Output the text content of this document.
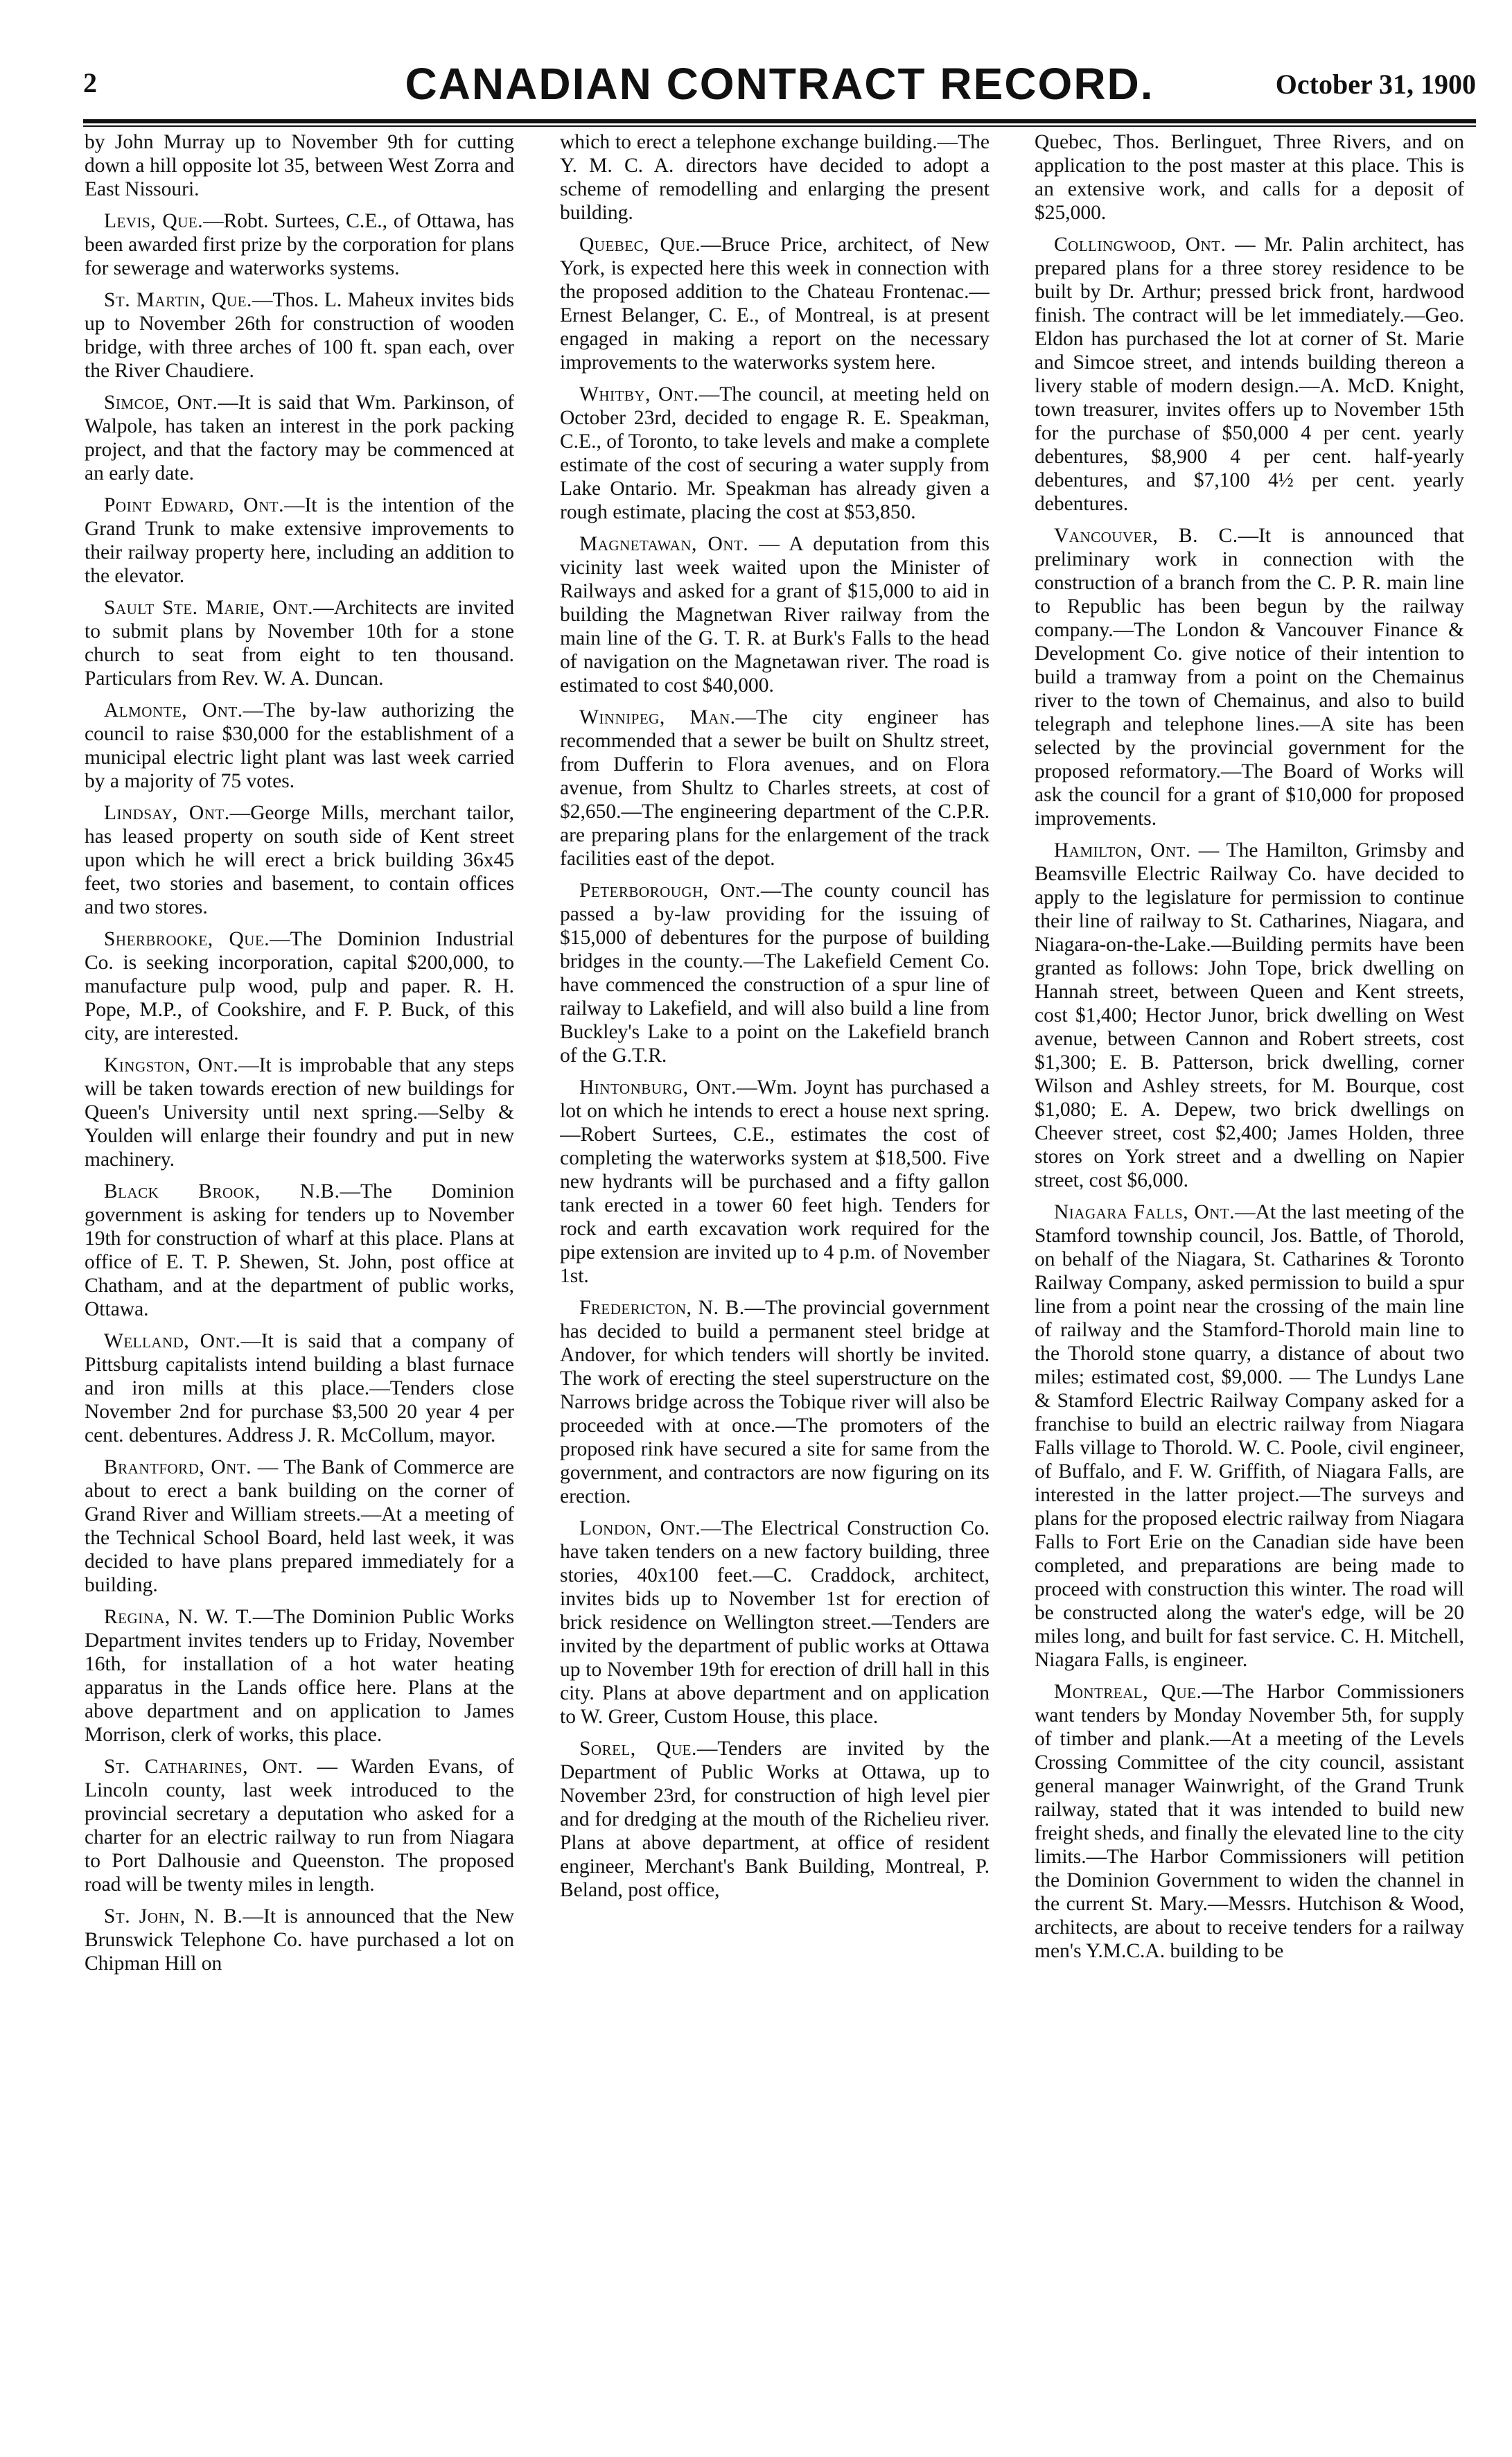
2	CANADIAN CONTRACT RECORD.	October 31, 1900

by John Murray up to November 9th for cutting down a hill opposite lot 35, between West Zorra and East Nissouri.

Levis, Que.—Robt. Surtees, C.E., of Ottawa, has been awarded first prize by the corporation for plans for sewerage and waterworks systems.

St. Martin, Que.—Thos. L. Maheux invites bids up to November 26th for construction of wooden bridge, with three arches of 100 ft. span each, over the River Chaudiere.

Simcoe, Ont.—It is said that Wm. Parkinson, of Walpole, has taken an interest in the pork packing project, and that the factory may be commenced at an early date.

Point Edward, Ont.—It is the intention of the Grand Trunk to make extensive improvements to their railway property here, including an addition to the elevator.

Sault Ste. Marie, Ont.—Architects are invited to submit plans by November 10th for a stone church to seat from eight to ten thousand. Particulars from Rev. W. A. Duncan.

Almonte, Ont.—The by-law authorizing the council to raise $30,000 for the establishment of a municipal electric light plant was last week carried by a majority of 75 votes.

Lindsay, Ont.—George Mills, merchant tailor, has leased property on south side of Kent street upon which he will erect a brick building 36x45 feet, two stories and basement, to contain offices and two stores.

Sherbrooke, Que.—The Dominion Industrial Co. is seeking incorporation, capital $200,000, to manufacture pulp wood, pulp and paper. R. H. Pope, M.P., of Cookshire, and F. P. Buck, of this city, are interested.

Kingston, Ont.—It is improbable that any steps will be taken towards erection of new buildings for Queen's University until next spring.—Selby & Youlden will enlarge their foundry and put in new machinery.

Black Brook, N.B.—The Dominion government is asking for tenders up to November 19th for construction of wharf at this place. Plans at office of E. T. P. Shewen, St. John, post office at Chatham, and at the department of public works, Ottawa.

Welland, Ont.—It is said that a company of Pittsburg capitalists intend building a blast furnace and iron mills at this place.—Tenders close November 2nd for purchase $3,500 20 year 4 per cent. debentures. Address J. R. McCollum, mayor.

Brantford, Ont. — The Bank of Commerce are about to erect a bank building on the corner of Grand River and William streets.—At a meeting of the Technical School Board, held last week, it was decided to have plans prepared immediately for a building.

Regina, N. W. T.—The Dominion Public Works Department invites tenders up to Friday, November 16th, for installation of a hot water heating apparatus in the Lands office here. Plans at the above department and on application to James Morrison, clerk of works, this place.

St. Catharines, Ont. — Warden Evans, of Lincoln county, last week introduced to the provincial secretary a deputation who asked for a charter for an electric railway to run from Niagara to Port Dalhousie and Queenston. The proposed road will be twenty miles in length.

St. John, N. B.—It is announced that the New Brunswick Telephone Co. have purchased a lot on Chipman Hill on

which to erect a telephone exchange building.—The Y. M. C. A. directors have decided to adopt a scheme of remodelling and enlarging the present building.

Quebec, Que.—Bruce Price, architect, of New York, is expected here this week in connection with the proposed addition to the Chateau Frontenac.—Ernest Belanger, C. E., of Montreal, is at present engaged in making a report on the necessary improvements to the waterworks system here.

Whitby, Ont.—The council, at meeting held on October 23rd, decided to engage R. E. Speakman, C.E., of Toronto, to take levels and make a complete estimate of the cost of securing a water supply from Lake Ontario. Mr. Speakman has already given a rough estimate, placing the cost at $53,850.

Magnetawan, Ont. — A deputation from this vicinity last week waited upon the Minister of Railways and asked for a grant of $15,000 to aid in building the Magnetwan River railway from the main line of the G. T. R. at Burk's Falls to the head of navigation on the Magnetawan river. The road is estimated to cost $40,000.

Winnipeg, Man.—The city engineer has recommended that a sewer be built on Shultz street, from Dufferin to Flora avenues, and on Flora avenue, from Shultz to Charles streets, at cost of $2,650.—The engineering department of the C.P.R. are preparing plans for the enlargement of the track facilities east of the depot.

Peterborough, Ont.—The county council has passed a by-law providing for the issuing of $15,000 of debentures for the purpose of building bridges in the county.—The Lakefield Cement Co. have commenced the construction of a spur line of railway to Lakefield, and will also build a line from Buckley's Lake to a point on the Lakefield branch of the G.T.R.

Hintonburg, Ont.—Wm. Joynt has purchased a lot on which he intends to erect a house next spring.—Robert Surtees, C.E., estimates the cost of completing the waterworks system at $18,500. Five new hydrants will be purchased and a fifty gallon tank erected in a tower 60 feet high. Tenders for rock and earth excavation work required for the pipe extension are invited up to 4 p.m. of November 1st.

Fredericton, N. B.—The provincial government has decided to build a permanent steel bridge at Andover, for which tenders will shortly be invited. The work of erecting the steel superstructure on the Narrows bridge across the Tobique river will also be proceeded with at once.—The promoters of the proposed rink have secured a site for same from the government, and contractors are now figuring on its erection.

London, Ont.—The Electrical Construction Co. have taken tenders on a new factory building, three stories, 40x100 feet.—C. Craddock, architect, invites bids up to November 1st for erection of brick residence on Wellington street.—Tenders are invited by the department of public works at Ottawa up to November 19th for erection of drill hall in this city. Plans at above department and on application to W. Greer, Custom House, this place.

Sorel, Que.—Tenders are invited by the Department of Public Works at Ottawa, up to November 23rd, for construction of high level pier and for dredging at the mouth of the Richelieu river. Plans at above department, at office of resident engineer, Merchant's Bank Building, Montreal, P. Beland, post office,

Quebec, Thos. Berlinguet, Three Rivers, and on application to the post master at this place. This is an extensive work, and calls for a deposit of $25,000.

Collingwood, Ont. — Mr. Palin architect, has prepared plans for a three storey residence to be built by Dr. Arthur; pressed brick front, hardwood finish. The contract will be let immediately.—Geo. Eldon has purchased the lot at corner of St. Marie and Simcoe street, and intends building thereon a livery stable of modern design.—A. McD. Knight, town treasurer, invites offers up to November 15th for the purchase of $50,000 4 per cent. yearly debentures, $8,900 4 per cent. half-yearly debentures, and $7,100 4½ per cent. yearly debentures.

Vancouver, B. C.—It is announced that preliminary work in connection with the construction of a branch from the C. P. R. main line to Republic has been begun by the railway company.—The London & Vancouver Finance & Development Co. give notice of their intention to build a tramway from a point on the Chemainus river to the town of Chemainus, and also to build telegraph and telephone lines.—A site has been selected by the provincial government for the proposed reformatory.—The Board of Works will ask the council for a grant of $10,000 for proposed improvements.

Hamilton, Ont. — The Hamilton, Grimsby and Beamsville Electric Railway Co. have decided to apply to the legislature for permission to continue their line of railway to St. Catharines, Niagara, and Niagara-on-the-Lake.—Building permits have been granted as follows: John Tope, brick dwelling on Hannah street, between Queen and Kent streets, cost $1,400; Hector Junor, brick dwelling on West avenue, between Cannon and Robert streets, cost $1,300; E. B. Patterson, brick dwelling, corner Wilson and Ashley streets, for M. Bourque, cost $1,080; E. A. Depew, two brick dwellings on Cheever street, cost $2,400; James Holden, three stores on York street and a dwelling on Napier street, cost $6,000.

Niagara Falls, Ont.—At the last meeting of the Stamford township council, Jos. Battle, of Thorold, on behalf of the Niagara, St. Catharines & Toronto Railway Company, asked permission to build a spur line from a point near the crossing of the main line of railway and the Stamford-Thorold main line to the Thorold stone quarry, a distance of about two miles; estimated cost, $9,000. — The Lundys Lane & Stamford Electric Railway Company asked for a franchise to build an electric railway from Niagara Falls village to Thorold. W. C. Poole, civil engineer, of Buffalo, and F. W. Griffith, of Niagara Falls, are interested in the latter project.—The surveys and plans for the proposed electric railway from Niagara Falls to Fort Erie on the Canadian side have been completed, and preparations are being made to proceed with construction this winter. The road will be constructed along the water's edge, will be 20 miles long, and built for fast service. C. H. Mitchell, Niagara Falls, is engineer.

Montreal, Que.—The Harbor Commissioners want tenders by Monday November 5th, for supply of timber and plank.—At a meeting of the Levels Crossing Committee of the city council, assistant general manager Wainwright, of the Grand Trunk railway, stated that it was intended to build new freight sheds, and finally the elevated line to the city limits.—The Harbor Commissioners will petition the Dominion Government to widen the channel in the current St. Mary.—Messrs. Hutchison & Wood, architects, are about to receive tenders for a railway men's Y.M.C.A. building to be
